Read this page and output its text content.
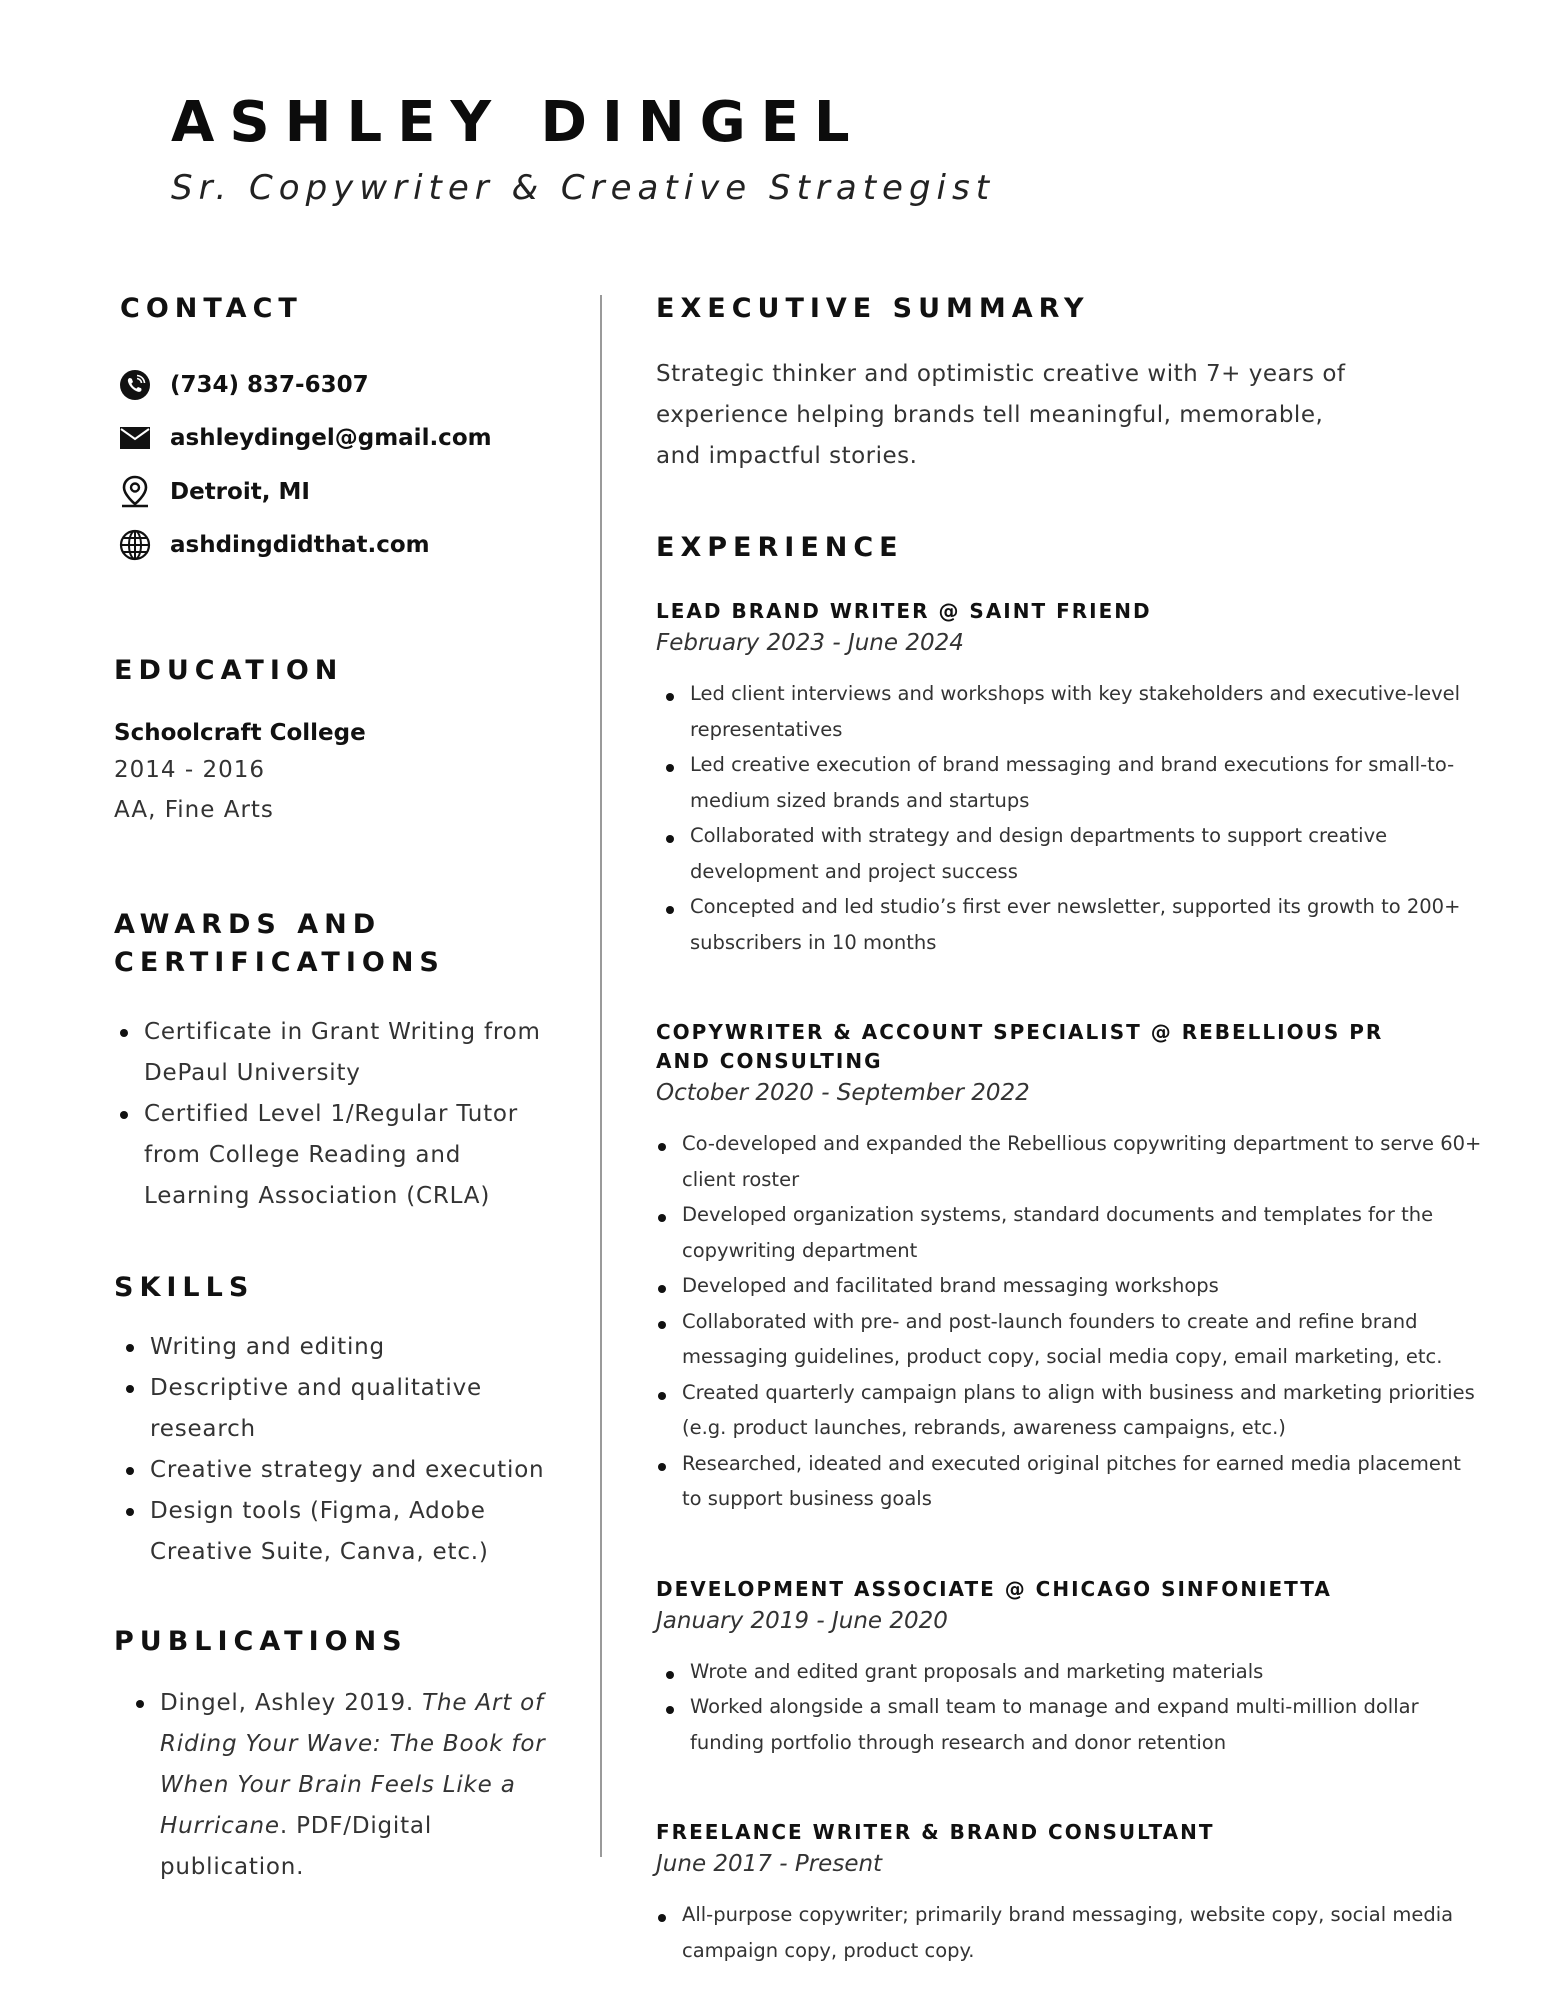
ASHLEY DINGEL
Sr. Copywriter & Creative Strategist
CONTACT
(734) 837-6307
ashleydingel@gmail.com
Detroit, MI
ashdingdidthat.com
EDUCATION
Schoolcraft College
2014 - 2016
AA, Fine Arts
AWARDS AND
CERTIFICATIONS
Certificate in Grant Writing from DePaul University
Certified Level 1/Regular Tutor from College Reading and Learning Association (CRLA)
SKILLS
Writing and editing
Descriptive and qualitative research
Creative strategy and execution
Design tools (Figma, Adobe Creative Suite, Canva, etc.)
PUBLICATIONS
Dingel, Ashley 2019. The Art of Riding Your Wave: The Book for When Your Brain Feels Like a Hurricane. PDF/Digital publication.
EXECUTIVE SUMMARY
Strategic thinker and optimistic creative with 7+ years of experience helping brands tell meaningful, memorable, and impactful stories.
EXPERIENCE
LEAD BRAND WRITER @ SAINT FRIEND
February 2023 - June 2024
Led client interviews and workshops with key stakeholders and executive-level representatives
Led creative execution of brand messaging and brand executions for small-to-medium sized brands and startups
Collaborated with strategy and design departments to support creative development and project success
Concepted and led studio’s first ever newsletter, supported its growth to 200+ subscribers in 10 months
COPYWRITER & ACCOUNT SPECIALIST @ REBELLIOUS PR AND CONSULTING
October 2020 - September 2022
Co-developed and expanded the Rebellious copywriting department to serve 60+ client roster
Developed organization systems, standard documents and templates for the copywriting department
Developed and facilitated brand messaging workshops
Collaborated with pre- and post-launch founders to create and refine brand messaging guidelines, product copy, social media copy, email marketing, etc.
Created quarterly campaign plans to align with business and marketing priorities (e.g. product launches, rebrands, awareness campaigns, etc.)
Researched, ideated and executed original pitches for earned media placement to support business goals
DEVELOPMENT ASSOCIATE @ CHICAGO SINFONIETTA
January 2019 - June 2020
Wrote and edited grant proposals and marketing materials
Worked alongside a small team to manage and expand multi-million dollar funding portfolio through research and donor retention
FREELANCE WRITER & BRAND CONSULTANT
June 2017 - Present
All-purpose copywriter; primarily brand messaging, website copy, social media campaign copy, product copy.
